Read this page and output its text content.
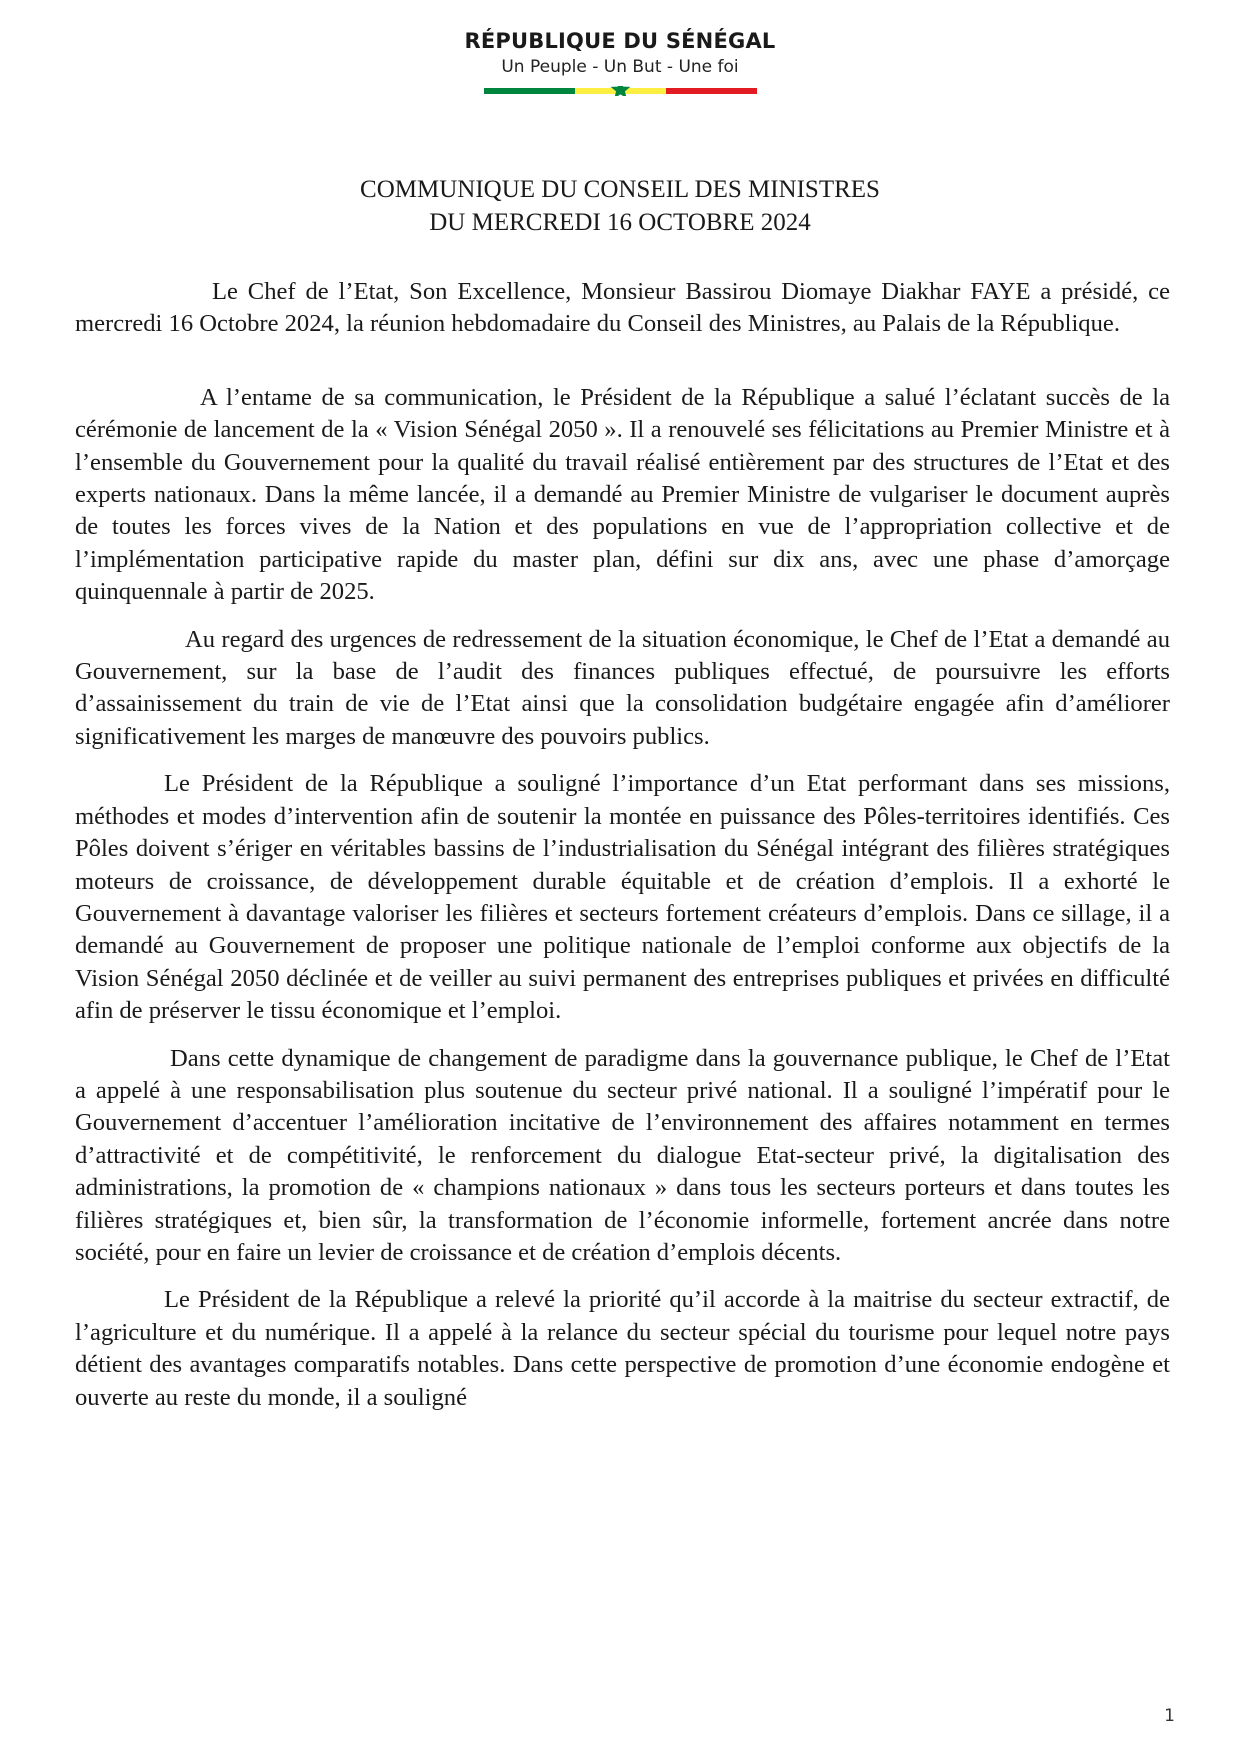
RÉPUBLIQUE DU SÉNÉGAL
Un Peuple - Un But - Une foi
COMMUNIQUE DU CONSEIL DES MINISTRES
DU MERCREDI 16 OCTOBRE 2024

Le Chef de l’Etat, Son Excellence, Monsieur Bassirou Diomaye Diakhar FAYE a présidé, ce mercredi 16 Octobre 2024, la réunion hebdomadaire du Conseil des Ministres, au Palais de la République.

A l’entame de sa communication, le Président de la République a salué l’éclatant succès de la cérémonie de lancement de la « Vision Sénégal 2050 ». Il a renouvelé ses félicitations au Premier Ministre et à l’ensemble du Gouvernement pour la qualité du travail réalisé entièrement par des structures de l’Etat et des experts nationaux. Dans la même lancée, il a demandé au Premier Ministre de vulgariser le document auprès de toutes les forces vives de la Nation et des populations en vue de l’appropriation collective et de l’implémentation participative rapide du master plan, défini sur dix ans, avec une phase d’amorçage quinquennale à partir de 2025.

Au regard des urgences de redressement de la situation économique, le Chef de l’Etat a demandé au Gouvernement, sur la base de l’audit des finances publiques effectué, de poursuivre les efforts d’assainissement du train de vie de l’Etat ainsi que la consolidation budgétaire engagée afin d’améliorer significativement les marges de manœuvre des pouvoirs publics.

Le Président de la République a souligné l’importance d’un Etat performant dans ses missions, méthodes et modes d’intervention afin de soutenir la montée en puissance des Pôles-territoires identifiés. Ces Pôles doivent s’ériger en véritables bassins de l’industrialisation du Sénégal intégrant des filières stratégiques moteurs de croissance, de développement durable équitable et de création d’emplois. Il a exhorté le Gouvernement à davantage valoriser les filières et secteurs fortement créateurs d’emplois. Dans ce sillage, il a demandé au Gouvernement de proposer une politique nationale de l’emploi conforme aux objectifs de la Vision Sénégal 2050 déclinée et de veiller au suivi permanent des entreprises publiques et privées en difficulté afin de préserver le tissu économique et l’emploi.

Dans cette dynamique de changement de paradigme dans la gouvernance publique, le Chef de l’Etat a appelé à une responsabilisation plus soutenue du secteur privé national. Il a souligné l’impératif pour le Gouvernement d’accentuer l’amélioration incitative de l’environnement des affaires notamment en termes d’attractivité et de compétitivité, le renforcement du dialogue Etat-secteur privé, la digitalisation des administrations, la promotion de « champions nationaux » dans tous les secteurs porteurs et dans toutes les filières stratégiques et, bien sûr, la transformation de l’économie informelle, fortement ancrée dans notre société, pour en faire un levier de croissance et de création d’emplois décents.

Le Président de la République a relevé la priorité qu’il accorde à la maitrise du secteur extractif, de l’agriculture et du numérique. Il a appelé à la relance du secteur spécial du tourisme pour lequel notre pays détient des avantages comparatifs notables. Dans cette perspective de promotion d’une économie endogène et ouverte au reste du monde, il a souligné

1
